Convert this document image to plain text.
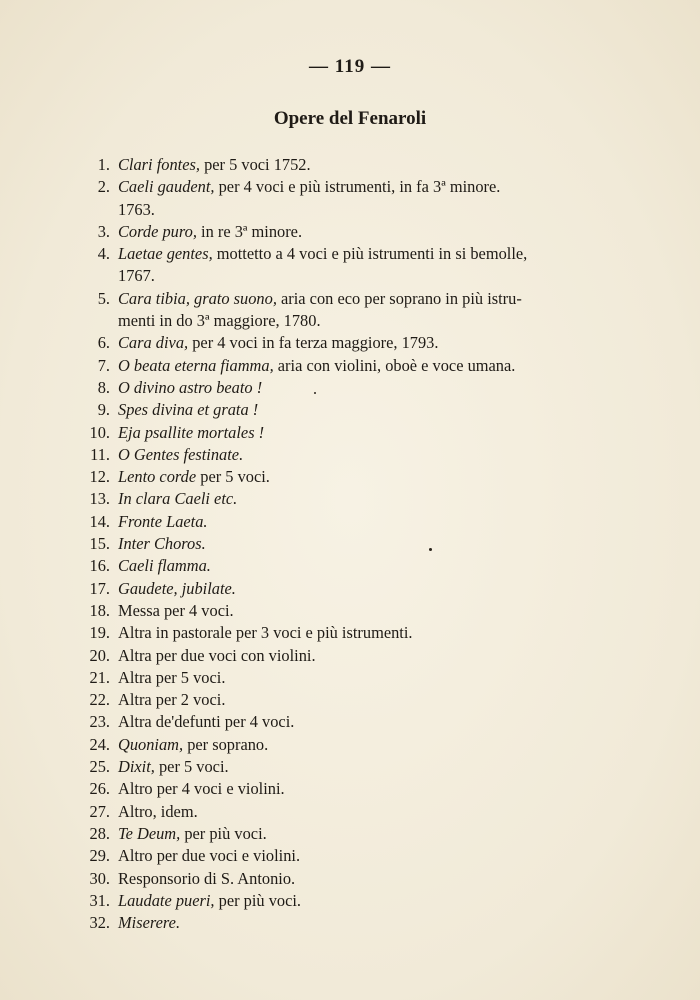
— 119 —
Opere del Fenaroli
1. Clari fontes, per 5 voci 1752.
2. Caeli gaudent, per 4 voci e più istrumenti, in fa 3ª minore.
1763.
3. Corde puro, in re 3ª minore.
4. Laetae gentes, mottetto a 4 voci e più istrumenti in si bemolle,
1767.
5. Cara tibia, grato suono, aria con eco per soprano in più istru-
menti in do 3ª maggiore, 1780.
6. Cara diva, per 4 voci in fa terza maggiore, 1793.
7. O beata eterna fiamma, aria con violini, oboè e voce umana.
8. O divino astro beato !
9. Spes divina et grata !
10. Eja psallite mortales !
11. O Gentes festinate.
12. Lento corde per 5 voci.
13. In clara Caeli etc.
14. Fronte Laeta.
15. Inter Choros.
16. Caeli flamma.
17. Gaudete, jubilate.
18. Messa per 4 voci.
19. Altra in pastorale per 3 voci e più istrumenti.
20. Altra per due voci con violini.
21. Altra per 5 voci.
22. Altra per 2 voci.
23. Altra de'defunti per 4 voci.
24. Quoniam, per soprano.
25. Dixit, per 5 voci.
26. Altro per 4 voci e violini.
27. Altro, idem.
28. Te Deum, per più voci.
29. Altro per due voci e violini.
30. Responsorio di S. Antonio.
31. Laudate pueri, per più voci.
32. Miserere.
